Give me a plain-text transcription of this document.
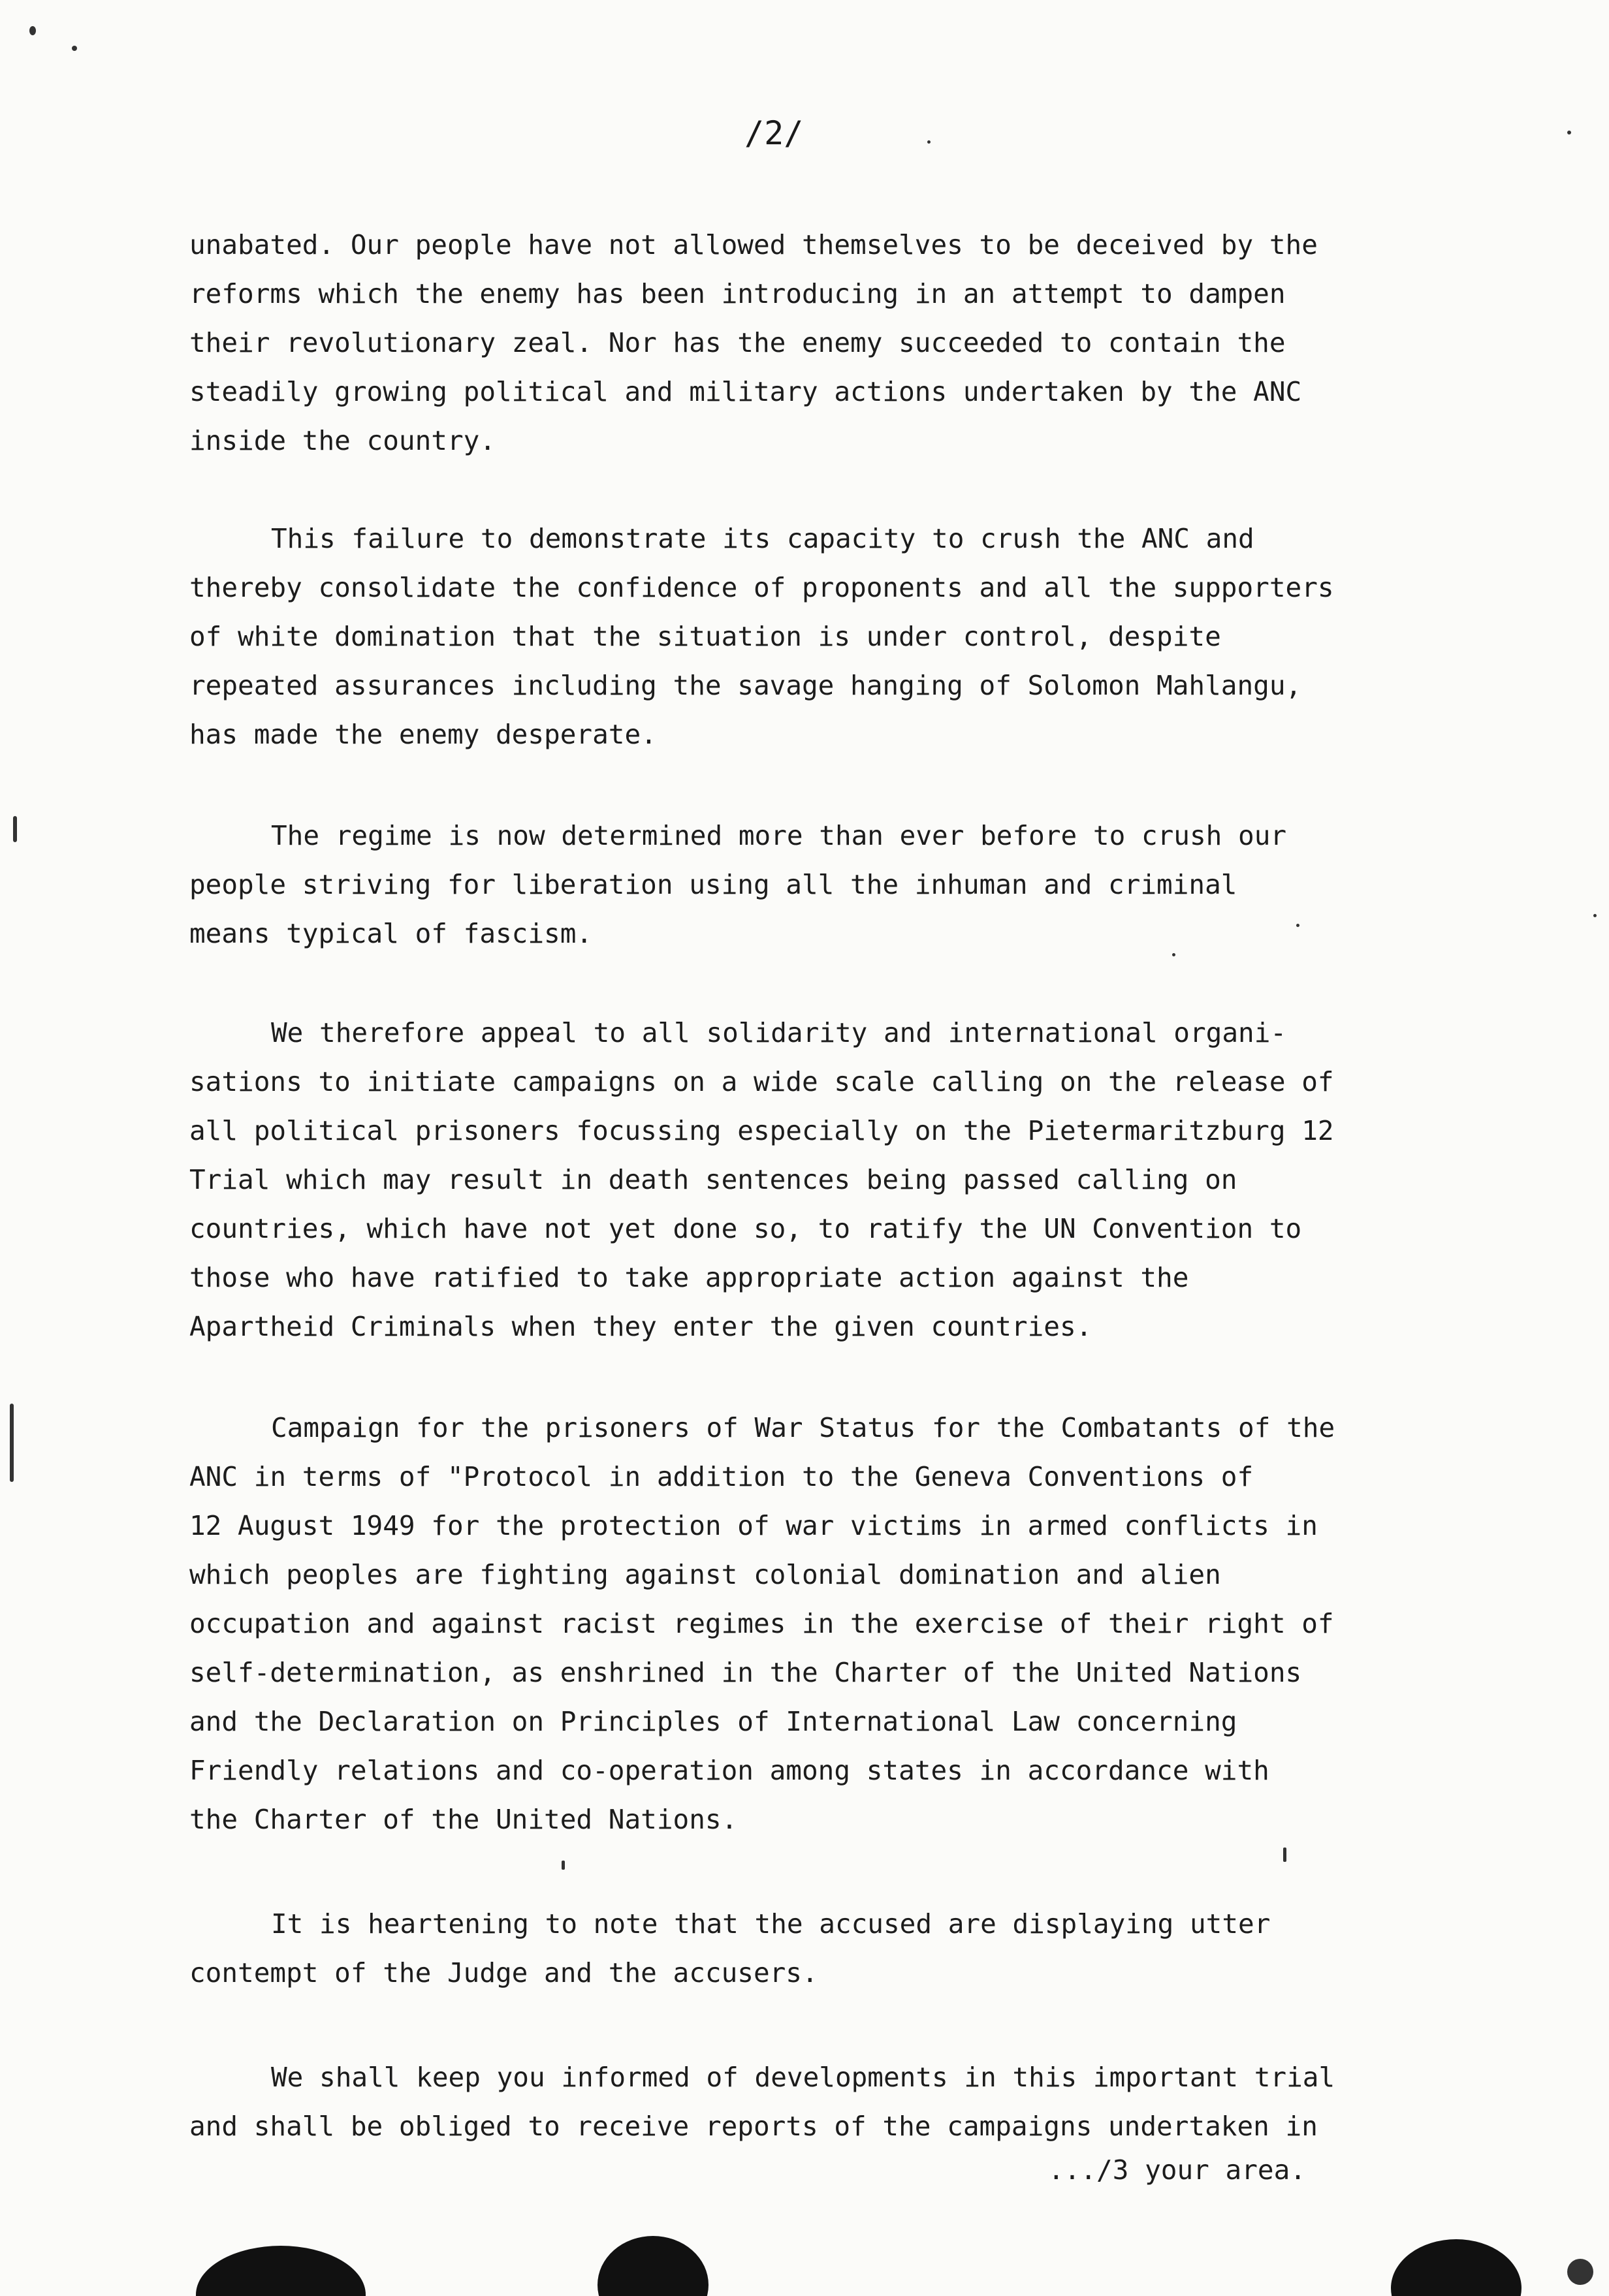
/2/
unabated. Our people have not allowed themselves to be deceived by the
reforms which the enemy has been introducing in an attempt to dampen
their revolutionary zeal. Nor has the enemy succeeded to contain the
steadily growing political and military actions undertaken by the ANC
inside the country.
This failure to demonstrate its capacity to crush the ANC and
thereby consolidate the confidence of proponents and all the supporters
of white domination that the situation is under control, despite
repeated assurances including the savage hanging of Solomon Mahlangu,
has made the enemy desperate.
The regime is now determined more than ever before to crush our
people striving for liberation using all the inhuman and criminal
means typical of fascism.
We therefore appeal to all solidarity and international organi-
sations to initiate campaigns on a wide scale calling on the release of
all political prisoners focussing especially on the Pietermaritzburg 12
Trial which may result in death sentences being passed calling on
countries, which have not yet done so, to ratify the UN Convention to
those who have ratified to take appropriate action against the
Apartheid Criminals when they enter the given countries.
Campaign for the prisoners of War Status for the Combatants of the
ANC in terms of "Protocol in addition to the Geneva Conventions of
12 August 1949 for the protection of war victims in armed conflicts in
which peoples are fighting against colonial domination and alien
occupation and against racist regimes in the exercise of their right of
self-determination, as enshrined in the Charter of the United Nations
and the Declaration on Principles of International Law concerning
Friendly relations and co-operation among states in accordance with
the Charter of the United Nations.
It is heartening to note that the accused are displaying utter
contempt of the Judge and the accusers.
We shall keep you informed of developments in this important trial
and shall be obliged to receive reports of the campaigns undertaken in
.../3 your area.
